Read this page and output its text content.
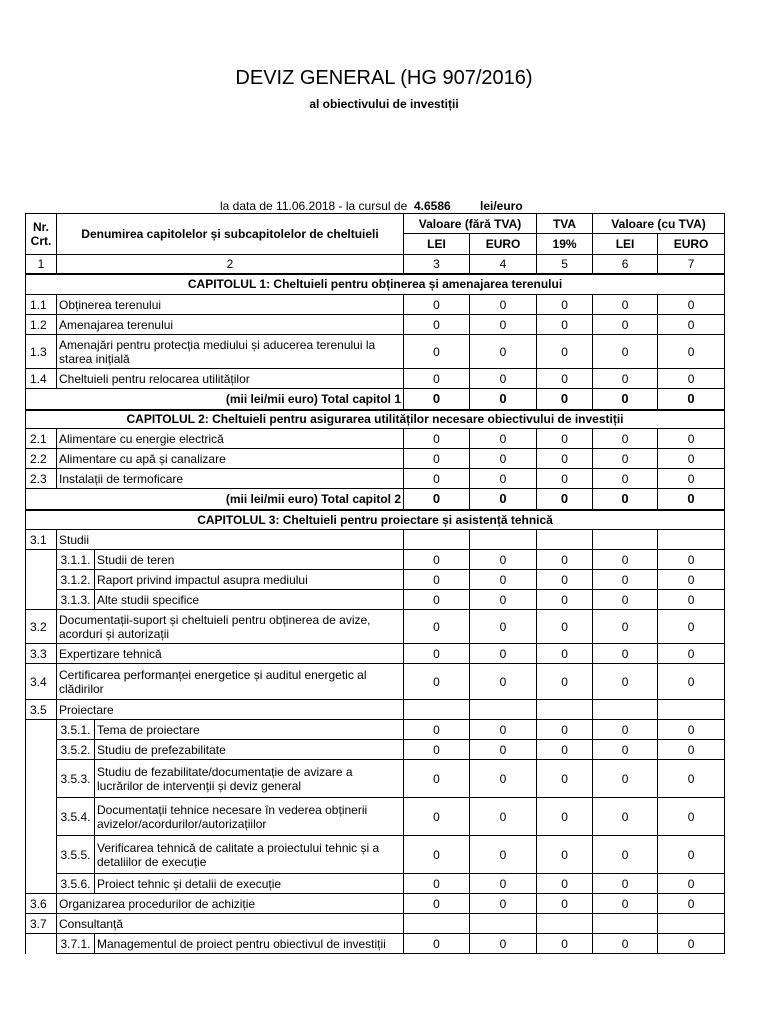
DEVIZ GENERAL (HG 907/2016)
al obiectivului de investiții
la data de 11.06.2018 - la cursul de 4.6586 lei/euro
Nr. Crt.	Denumirea capitolelor și subcapitolelor de cheltuieli		Valoare (fără TVA)		TVA	Valoare (cu TVA)	
			LEI	EURO	19%	LEI	EURO
1	2		3	4	5	6	7
CAPITOLUL 1: Cheltuieli pentru obținerea și amenajarea terenului							
1.1	Obținerea terenului		0	0	0	0	0
1.2	Amenajarea terenului		0	0	0	0	0
1.3	Amenajări pentru protecția mediului și aducerea terenului la starea inițială		0	0	0	0	0
1.4	Cheltuieli pentru relocarea utilităților		0	0	0	0	0
(mii lei/mii euro) Total capitol 1			0	0	0	0	0
CAPITOLUL 2: Cheltuieli pentru asigurarea utilităților necesare obiectivului de investiții							
2.1	Alimentare cu energie electrică		0	0	0	0	0
2.2	Alimentare cu apă și canalizare		0	0	0	0	0
2.3	Instalații de termoficare		0	0	0	0	0
(mii lei/mii euro) Total capitol 2			0	0	0	0	0
CAPITOLUL 3: Cheltuieli pentru proiectare și asistență tehnică							
3.1	Studii						
	3.1.1.	Studii de teren	0	0	0	0	0
	3.1.2.	Raport privind impactul asupra mediului	0	0	0	0	0
	3.1.3.	Alte studii specifice	0	0	0	0	0
3.2	Documentații-suport și cheltuieli pentru obținerea de avize, acorduri și autorizații		0	0	0	0	0
3.3	Expertizare tehnică		0	0	0	0	0
3.4	Certificarea performanței energetice și auditul energetic al clădirilor		0	0	0	0	0
3.5	Proiectare						
	3.5.1.	Tema de proiectare	0	0	0	0	0
	3.5.2.	Studiu de prefezabilitate	0	0	0	0	0
	3.5.3.	Studiu de fezabilitate/documentație de avizare a lucrărilor de intervenții și deviz general	0	0	0	0	0
	3.5.4.	Documentații tehnice necesare în vederea obținerii avizelor/acordurilor/autorizațiilor	0	0	0	0	0
	3.5.5.	Verificarea tehnică de calitate a proiectului tehnic și a detaliilor de execuție	0	0	0	0	0
	3.5.6.	Proiect tehnic și detalii de execuție	0	0	0	0	0
3.6	Organizarea procedurilor de achiziție		0	0	0	0	0
3.7	Consultanță						
	3.7.1.	Managementul de proiect pentru obiectivul de investiții	0	0	0	0	0
